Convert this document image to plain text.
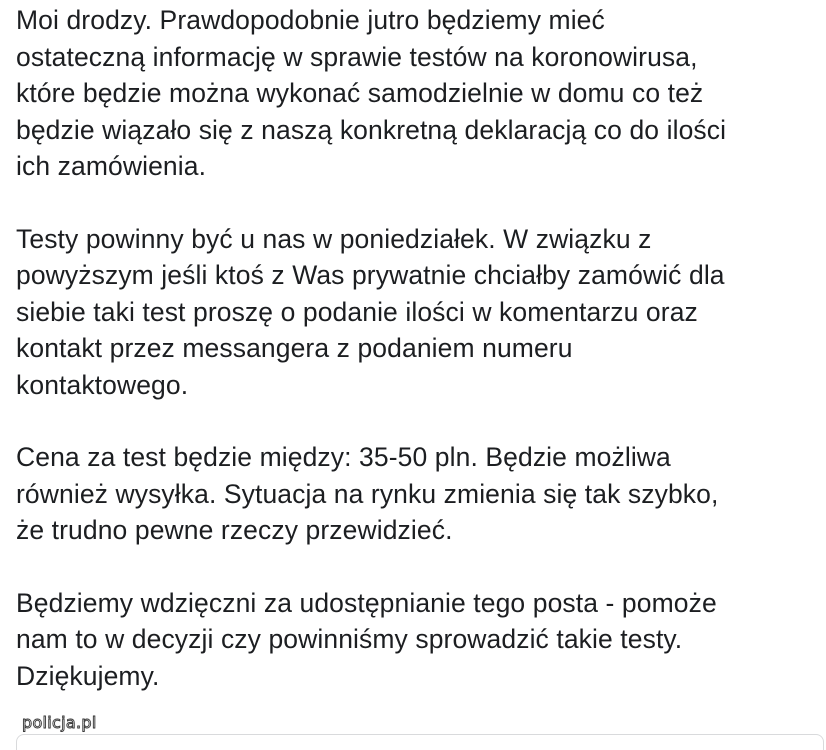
Moi drodzy. Prawdopodobnie jutro będziemy mieć
ostateczną informację w sprawie testów na koronowirusa,
które będzie można wykonać samodzielnie w domu co też
będzie wiązało się z naszą konkretną deklaracją co do ilości
ich zamówienia.

Testy powinny być u nas w poniedziałek. W związku z
powyższym jeśli ktoś z Was prywatnie chciałby zamówić dla
siebie taki test proszę o podanie ilości w komentarzu oraz
kontakt przez messangera z podaniem numeru
kontaktowego.

Cena za test będzie między: 35-50 pln. Będzie możliwa
również wysyłka. Sytuacja na rynku zmienia się tak szybko,
że trudno pewne rzeczy przewidzieć.

Będziemy wdzięczni za udostępnianie tego posta - pomoże
nam to w decyzji czy powinniśmy sprowadzić takie testy.
Dziękujemy.

policja.pl
